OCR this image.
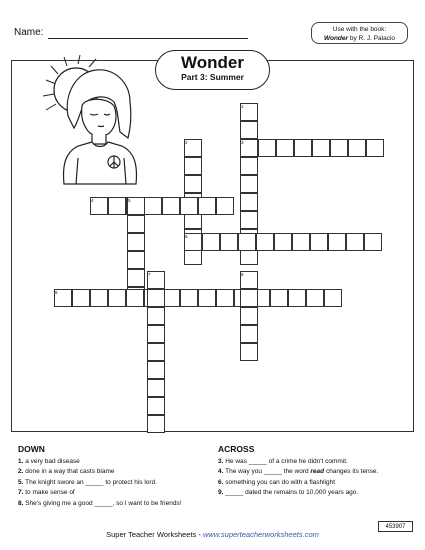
Name:	Use with the book:
Wonder by R. J. Palacio
Wonder
Part 3: Summer
1
2	3
4	5
6
7	8
9
DOWN
1. a very bad disease
2. done in a way that casts blame
5. The knight swore an _____ to protect his lord.
7. to make sense of
8. She's giving me a good _____, so I want to be friends!
ACROSS
3. He was _____ of a crime he didn't commit.
4. The way you _____ the word read changes its tense.
6. something you can do with a flashlight
9. _____ dated the remains to 10,000 years ago.
Super Teacher Worksheets - www.superteacherworksheets.com
453907
